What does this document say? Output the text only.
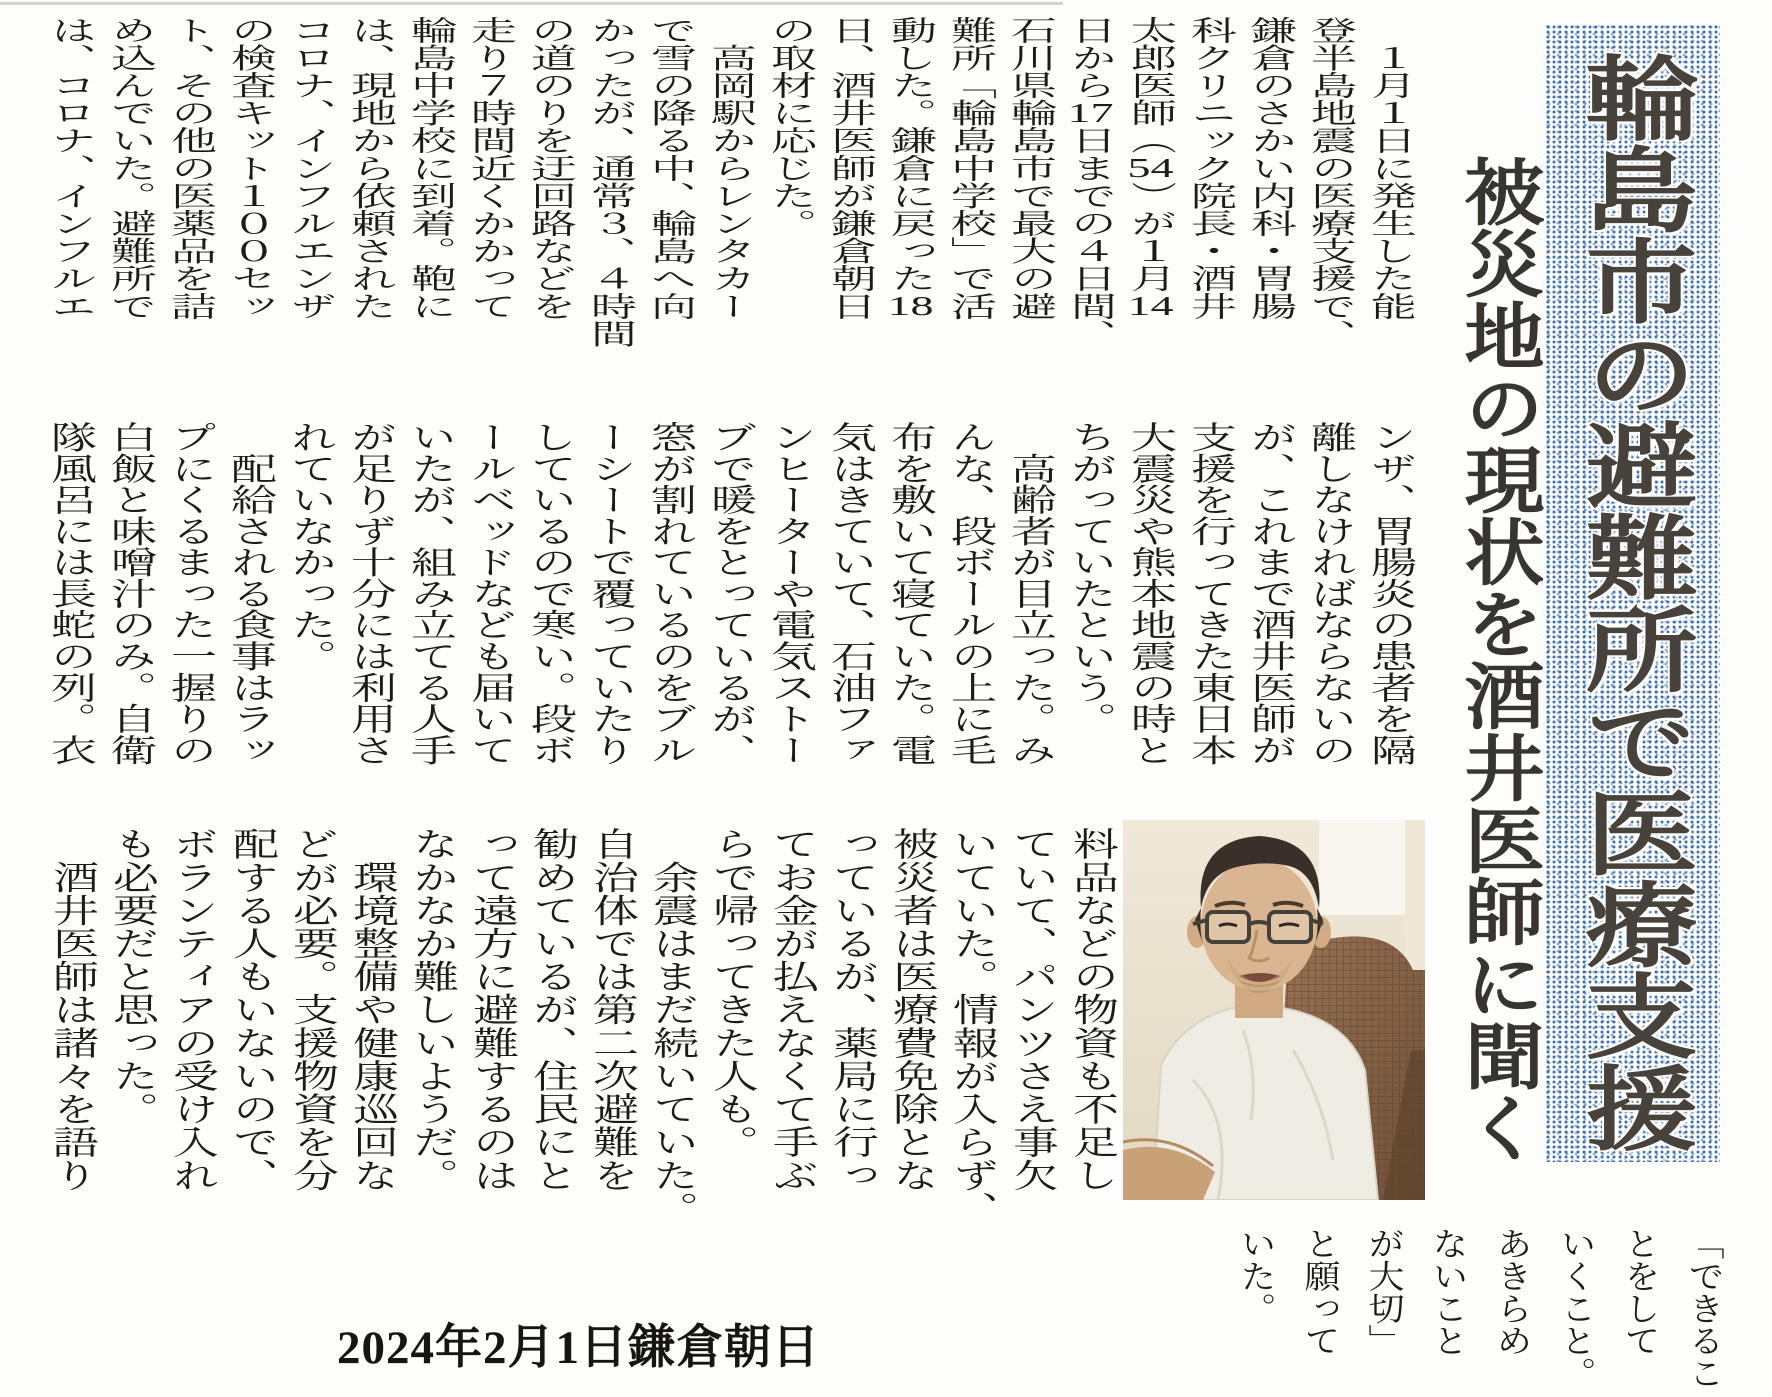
輪島市の避難所で医療支援
被災地の現状を酒井医師に聞く
　１月１日に発生した能
登半島地震の医療支援で、
鎌倉のさかい内科・胃腸
科クリニック院長・酒井
太郎医師（54）が１月14
日から17日までの４日間、
石川県輪島市で最大の避
難所「輪島中学校」で活
動した。鎌倉に戻った18
日、酒井医師が鎌倉朝日
の取材に応じた。
　高岡駅からレンタカー
で雪の降る中、輪島へ向
かったが、通常３、４時間
の道のりを迂回路などを
走り７時間近くかかって
輪島中学校に到着。鞄に
は、現地から依頼された
コロナ、インフルエンザ
の検査キット１００セッ
ト、その他の医薬品を詰
め込んでいた。避難所で
は、コロナ、インフルエ
ンザ、胃腸炎の患者を隔
離しなければならないの
が、これまで酒井医師が
支援を行ってきた東日本
大震災や熊本地震の時と
ちがっていたという。
　高齢者が目立った。み
んな、段ボールの上に毛
布を敷いて寝ていた。電
気はきていて、石油ファ
ンヒーターや電気ストー
ブで暖をとっているが、
窓が割れているのをブル
ーシートで覆っていたり
しているので寒い。段ボ
ールベッドなども届いて
いたが、組み立てる人手
が足りず十分には利用さ
れていなかった。
　配給される食事はラッ
プにくるまった一握りの
白飯と味噌汁のみ。自衛
隊風呂には長蛇の列。衣
料品などの物資も不足し
ていて、パンツさえ事欠
いていた。情報が入らず、
被災者は医療費免除とな
っているが、薬局に行っ
てお金が払えなくて手ぶ
らで帰ってきた人も。
　余震はまだ続いていた。
自治体では第二次避難を
勧めているが、住民にと
って遠方に避難するのは
なかなか難しいようだ。
　環境整備や健康巡回な
どが必要。支援物資を分
配する人もいないので、
ボランティアの受け入れ
も必要だと思った。
　酒井医師は諸々を語り
「できるこ
とをして
いくこと。
あきらめ
ないこと
が大切」
と願って
いた。
2024年2月1日鎌倉朝日
